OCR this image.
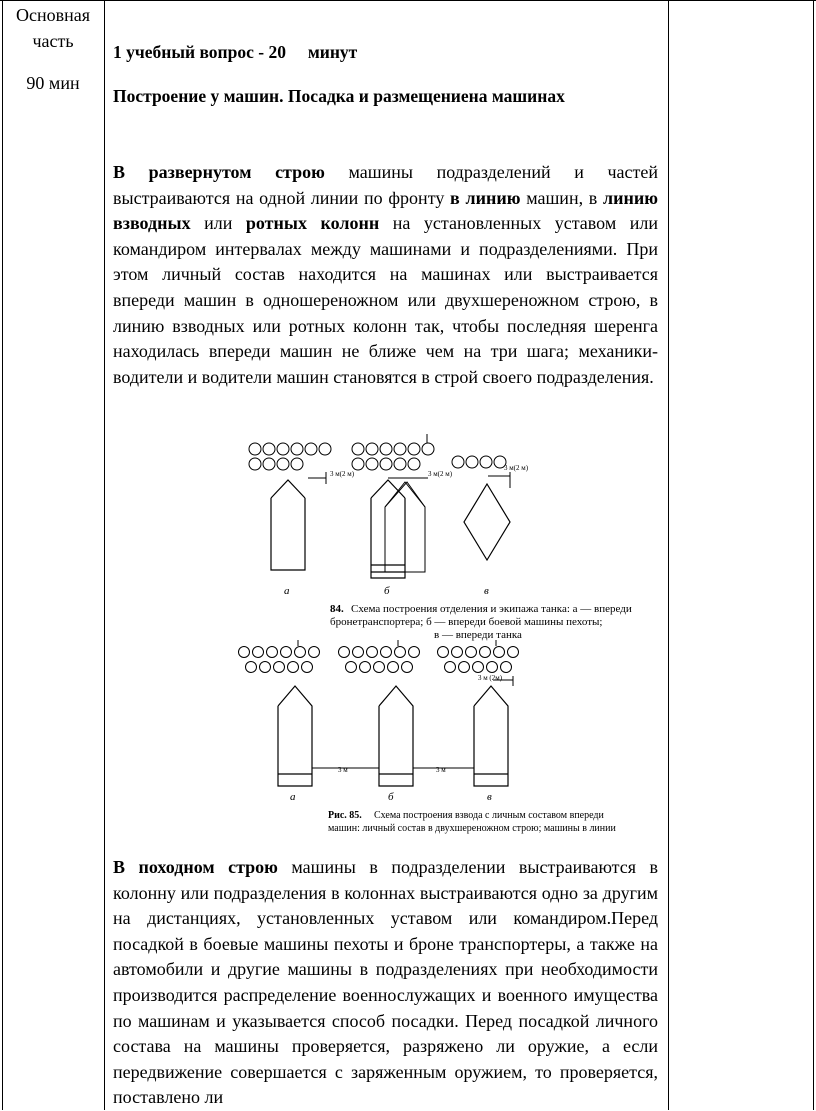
Основная
часть
90 мин
1 учебный вопрос - 20     минут
Построение у машин. Посадка и размещениена машинах
В развернутом строю машины подразделений и частей выстраиваются на одной линии по фронту в линию машин, в линию взводных или ротных колонн на установленных уставом или командиром интервалах между машинами и подразделениями. При этом личный состав находится на машинах или выстраивается впереди машин в одношереножном или двухшереножном строю, в линию взводных или ротных колонн так, чтобы последняя шеренга находилась впереди машин не ближе чем на три шага; механики-водители и водители машин становятся в строй своего подразделения.
3 м(2 м)	3 м(2 м)
3 м(2 м)
а	б	в
84. Схема построения отделения и экипажа танка: а — впереди
бронетранспортера; б — впереди боевой машины пехоты;
в — впереди танка
3 м	3 м
3 м (2м)
а	б	в
Рис. 85. Схема построения взвода с личным составом впереди
машин: личный состав в двухшереножном строю; машины в линии
В походном строю машины в подразделении выстраиваются в колонну или подразделения в колоннах выстраиваются одно за другим на дистанциях, установленных уставом или командиром.Перед посадкой в боевые машины пехоты и броне транспортеры, а также на автомобили и другие машины в подразделениях при необходимости производится распределение военнослужащих и военного имущества по машинам и указывается способ посадки. Перед посадкой личного состава на машины проверяется, разряжено ли оружие, а если передвижение совершается с заряженным оружием, то проверяется, поставлено ли
